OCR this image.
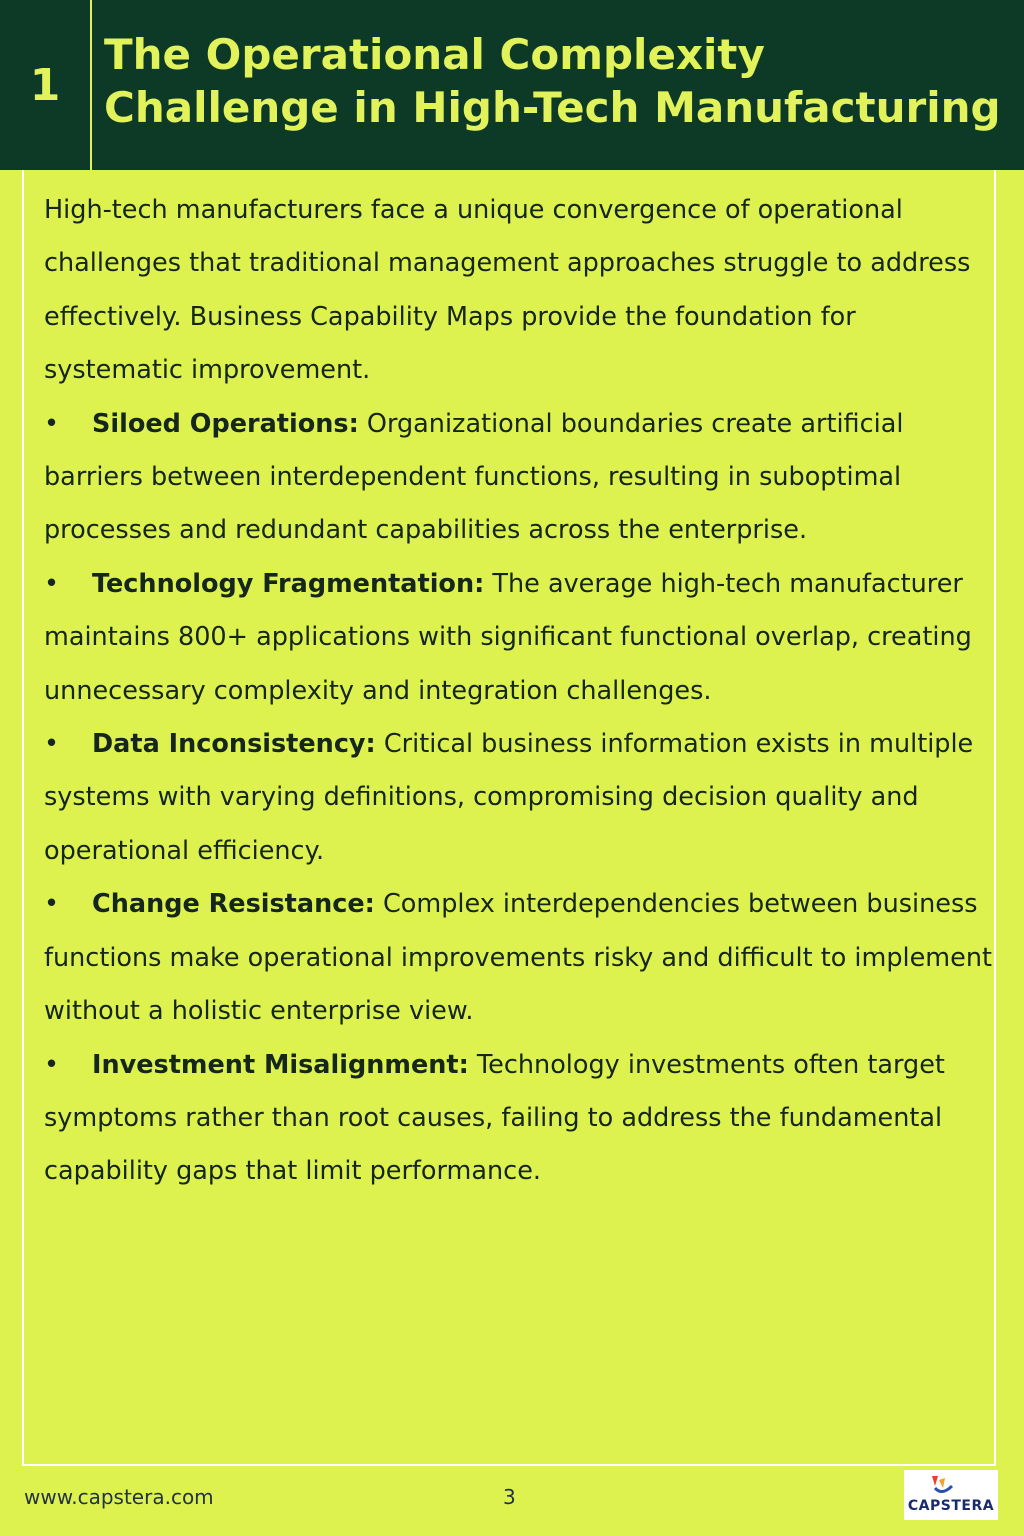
1
The Operational Complexity Challenge in High-Tech Manufacturing

High-tech manufacturers face a unique convergence of operational challenges that traditional management approaches struggle to address effectively. Business Capability Maps provide the foundation for systematic improvement.

• Siloed Operations: Organizational boundaries create artificial barriers between interdependent functions, resulting in suboptimal processes and redundant capabilities across the enterprise.

• Technology Fragmentation: The average high-tech manufacturer maintains 800+ applications with significant functional overlap, creating unnecessary complexity and integration challenges.

• Data Inconsistency: Critical business information exists in multiple systems with varying definitions, compromising decision quality and operational efficiency.

• Change Resistance: Complex interdependencies between business functions make operational improvements risky and difficult to implement without a holistic enterprise view.

• Investment Misalignment: Technology investments often target symptoms rather than root causes, failing to address the fundamental capability gaps that limit performance.

www.capstera.com	3	CAPSTERA
